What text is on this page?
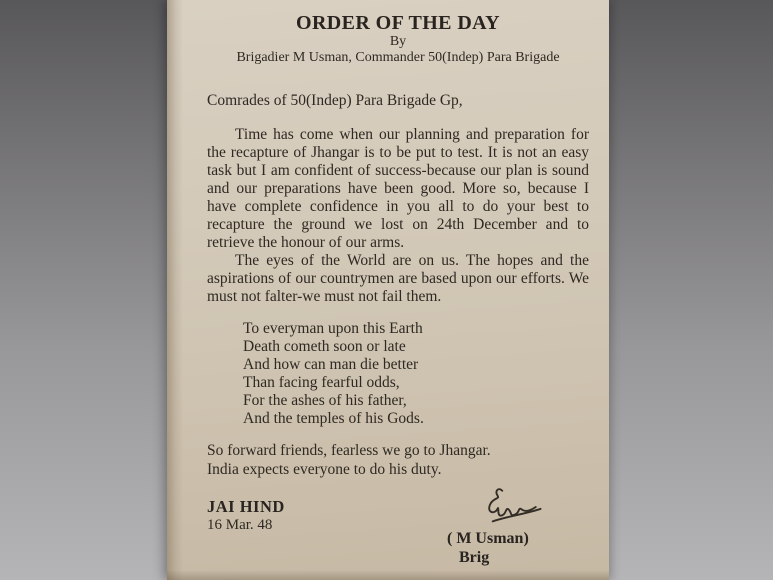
ORDER OF THE DAY
By
Brigadier M Usman, Commander 50(Indep) Para Brigade
Comrades of 50(Indep) Para Brigade Gp,

Time has come when our planning and preparation for the recapture of Jhangar is to be put to test. It is not an easy task but I am confident of success-because our plan is sound and our preparations have been good. More so, because I have complete confidence in you all to do your best to recapture the ground we lost on 24th December and to retrieve the honour of our arms.

The eyes of the World are on us. The hopes and the aspirations of our countrymen are based upon our efforts. We must not falter-we must not fail them.

To everyman upon this Earth
Death cometh soon or late
And how can man die better
Than facing fearful odds,
For the ashes of his father,
And the temples of his Gods.
So forward friends, fearless we go to Jhangar.
India expects everyone to do his duty.
JAI HIND
16 Mar. 48
( M Usman)
Brig
